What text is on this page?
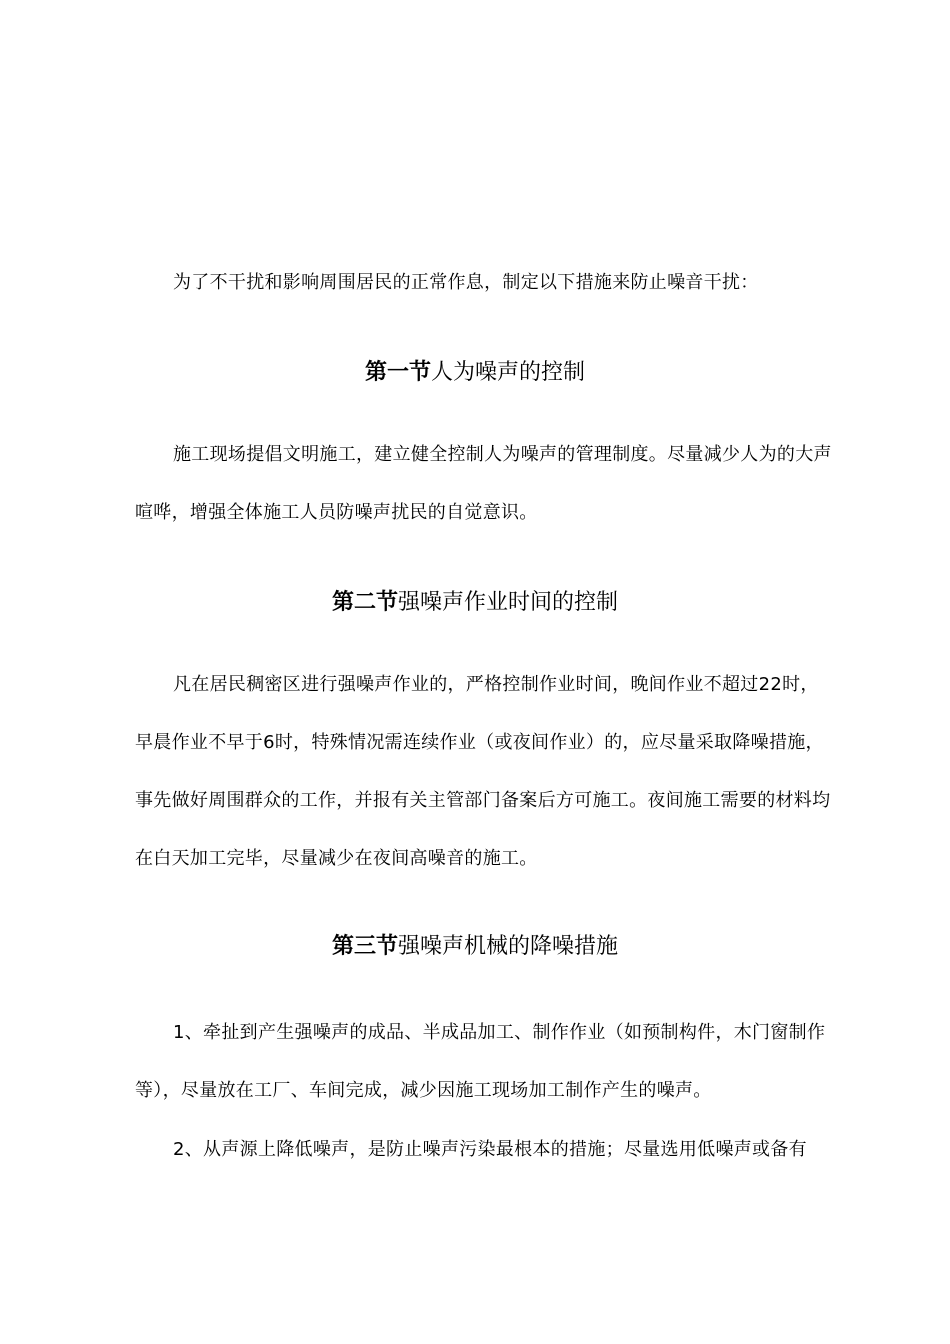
为了不干扰和影响周围居民的正常作息，制定以下措施来防止噪音干扰：

第一节人为噪声的控制

施工现场提倡文明施工，建立健全控制人为噪声的管理制度。尽量减少人为的大声喧哗，增强全体施工人员防噪声扰民的自觉意识。

第二节强噪声作业时间的控制

凡在居民稠密区进行强噪声作业的，严格控制作业时间，晚间作业不超过22时，早晨作业不早于6时，特殊情况需连续作业（或夜间作业）的，应尽量采取降噪措施，事先做好周围群众的工作，并报有关主管部门备案后方可施工。夜间施工需要的材料均在白天加工完毕，尽量减少在夜间高噪音的施工。

第三节强噪声机械的降噪措施

1、牵扯到产生强噪声的成品、半成品加工、制作作业（如预制构件，木门窗制作等），尽量放在工厂、车间完成，减少因施工现场加工制作产生的噪声。

2、从声源上降低噪声，是防止噪声污染最根本的措施；尽量选用低噪声或备有
